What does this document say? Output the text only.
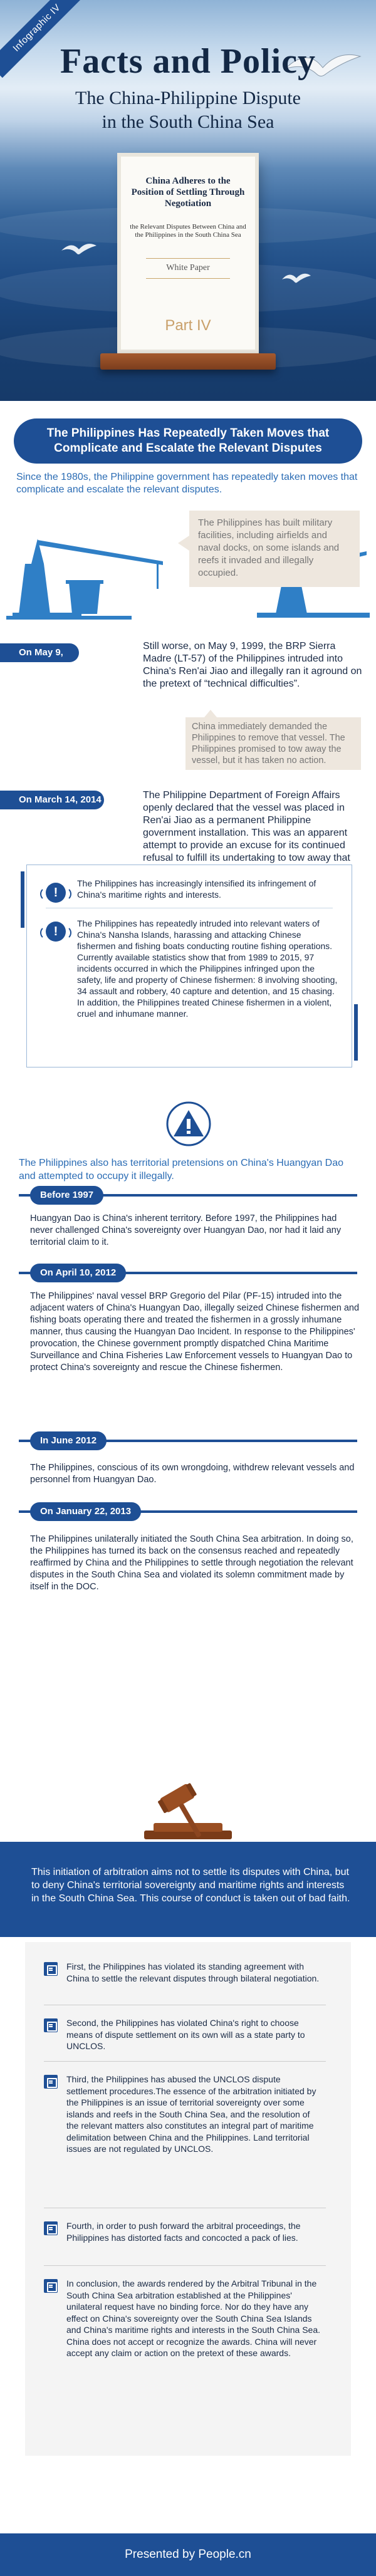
Infographic IV
Facts and Policy
The China-Philippine Dispute
in the South China Sea
China Adheres to the Position of Settling Through Negotiation
the Relevant Disputes Between China and the Philippines in the South China Sea
White Paper
Part IV
The Philippines Has Repeatedly Taken Moves that Complicate and Escalate the Relevant Disputes
Since the 1980s, the Philippine government has repeatedly taken moves that complicate and escalate the relevant disputes.
The Philippines has built military facilities, including airfields and naval docks, on some islands and reefs it invaded and illegally occupied.
On May 9, 1999
Still worse, on May 9, 1999, the BRP Sierra Madre (LT-57) of the Philippines intruded into China's Ren'ai Jiao and illegally ran it aground on the pretext of “technical difficulties”.
China immediately demanded the Philippines to remove that vessel. The Philippines promised to tow away the vessel, but it has taken no action.
On March 14, 2014	The Philippine Department of Foreign Affairs openly declared that the vessel was placed in Ren'ai Jiao as a permanent Philippine government installation. This was an apparent attempt to provide an excuse for its continued refusal to fulfill its undertaking to tow away that
!
The Philippines has increasingly intensified its infringement of China's maritime rights and interests.
!
The Philippines has repeatedly intruded into relevant waters of China's Nansha Islands, harassing and attacking Chinese fishermen and fishing boats conducting routine fishing operations. Currently available statistics show that from 1989 to 2015, 97 incidents occurred in which the Philippines infringed upon the safety, life and property of Chinese fishermen: 8 involving shooting, 34 assault and robbery, 40 capture and detention, and 15 chasing. In addition, the Philippines treated Chinese fishermen in a violent, cruel and inhumane manner.
The Philippines also has territorial pretensions on China's Huangyan Dao and attempted to occupy it illegally.
Before 1997
Huangyan Dao is China's inherent territory. Before 1997, the Philippines had never challenged China's sovereignty over Huangyan Dao, nor had it laid any territorial claim to it.
On April 10, 2012
The Philippines' naval vessel BRP Gregorio del Pilar (PF-15) intruded into the adjacent waters of China's Huangyan Dao, illegally seized Chinese fishermen and fishing boats operating there and treated the fishermen in a grossly inhumane manner, thus causing the Huangyan Dao Incident. In response to the Philippines' provocation, the Chinese government promptly dispatched China Maritime Surveillance and China Fisheries Law Enforcement vessels to Huangyan Dao to protect China's sovereignty and rescue the Chinese fishermen.
In June 2012
The Philippines, conscious of its own wrongdoing, withdrew relevant vessels and personnel from Huangyan Dao.
On January 22, 2013
The Philippines unilaterally initiated the South China Sea arbitration. In doing so, the Philippines has turned its back on the consensus reached and repeatedly reaffirmed by China and the Philippines to settle through negotiation the relevant disputes in the South China Sea and violated its solemn commitment made by itself in the DOC.
This initiation of arbitration aims not to settle its disputes with China, but to deny China's territorial sovereignty and maritime rights and interests in the South China Sea. This course of conduct is taken out of bad faith.
First, the Philippines has violated its standing agreement with China to settle the relevant disputes through bilateral negotiation.
Second, the Philippines has violated China's right to choose means of dispute settlement on its own will as a state party to UNCLOS.
Third, the Philippines has abused the UNCLOS dispute settlement procedures.The essence of the arbitration initiated by the Philippines is an issue of territorial sovereignty over some islands and reefs in the South China Sea, and the resolution of the relevant matters also constitutes an integral part of maritime delimitation between China and the Philippines. Land territorial issues are not regulated by UNCLOS.
Fourth, in order to push forward the arbitral proceedings, the Philippines has distorted facts and concocted a pack of lies.
In conclusion, the awards rendered by the Arbitral Tribunal in the South China Sea arbitration established at the Philippines' unilateral request have no binding force. Nor do they have any effect on China's sovereignty over the South China Sea Islands and China's maritime rights and interests in the South China Sea. China does not accept or recognize the awards. China will never accept any claim or action on the pretext of these awards.
Presented by People.cn
